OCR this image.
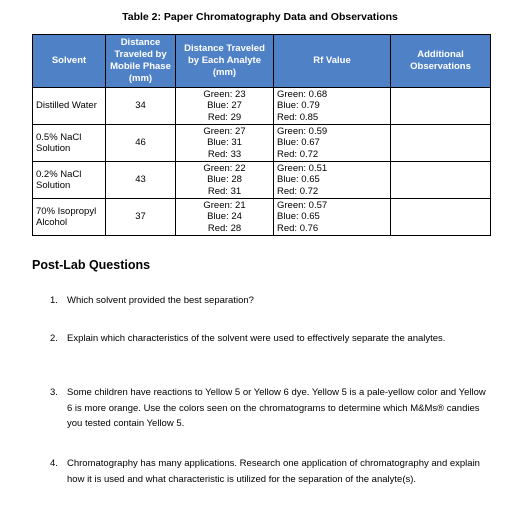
Table 2: Paper Chromatography Data and Observations
Solvent	Distance Traveled by Mobile Phase (mm)	Distance Traveled by Each Analyte (mm)	Rf Value	Additional Observations
Distilled Water	34	Green: 23
Blue: 27
Red: 29	Green: 0.68
Blue: 0.79
Red: 0.85	

0.5% NaCl Solution	46	Green: 27
Blue: 31
Red: 33	Green: 0.59
Blue: 0.67
Red: 0.72	

0.2% NaCl Solution	43	Green: 22
Blue: 28
Red: 31	Green: 0.51
Blue: 0.65
Red: 0.72	

70% Isopropyl Alcohol	37	Green: 21
Blue: 24
Red: 28	Green: 0.57
Blue: 0.65
Red: 0.76	

Post-Lab Questions
1. Which solvent provided the best separation?
2. Explain which characteristics of the solvent were used to effectively separate the analytes.
3. Some children have reactions to Yellow 5 or Yellow 6 dye. Yellow 5 is a pale-yellow color and Yellow 6 is more orange. Use the colors seen on the chromatograms to determine which M&Ms® candies you tested contain Yellow 5.
4. Chromatography has many applications. Research one application of chromatography and explain how it is used and what characteristic is utilized for the separation of the analyte(s).
